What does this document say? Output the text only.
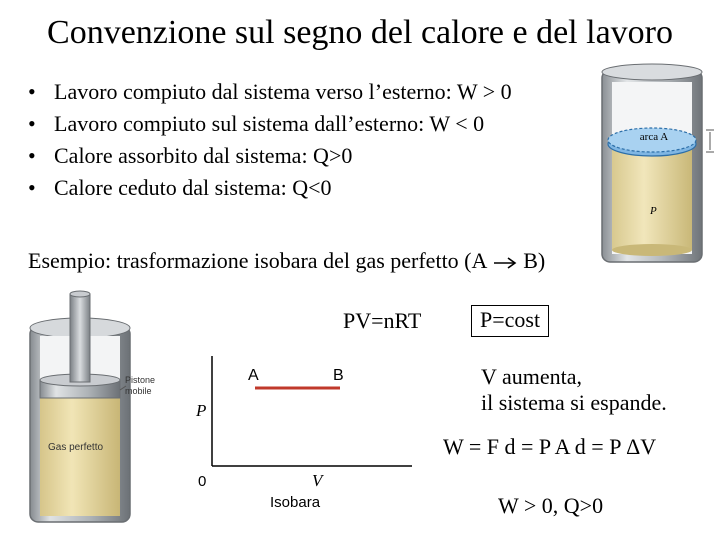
Convenzione sul segno del calore e del lavoro
• Lavoro compiuto dal sistema verso l’esterno: W > 0
• Lavoro compiuto sul sistema dall’esterno: W < 0
• Calore assorbito dal sistema: Q>0
• Calore ceduto dal sistema: Q<0
Esempio: trasformazione isobara del gas perfetto (A  B)
PV=nRT	P=cost
V aumenta,
il sistema si espande.
W = F d = P A d = P ΔV
W > 0, Q>0
arca A
P
Pistone mobile
Gas perfetto
A	B
P
V
0
Isobara
